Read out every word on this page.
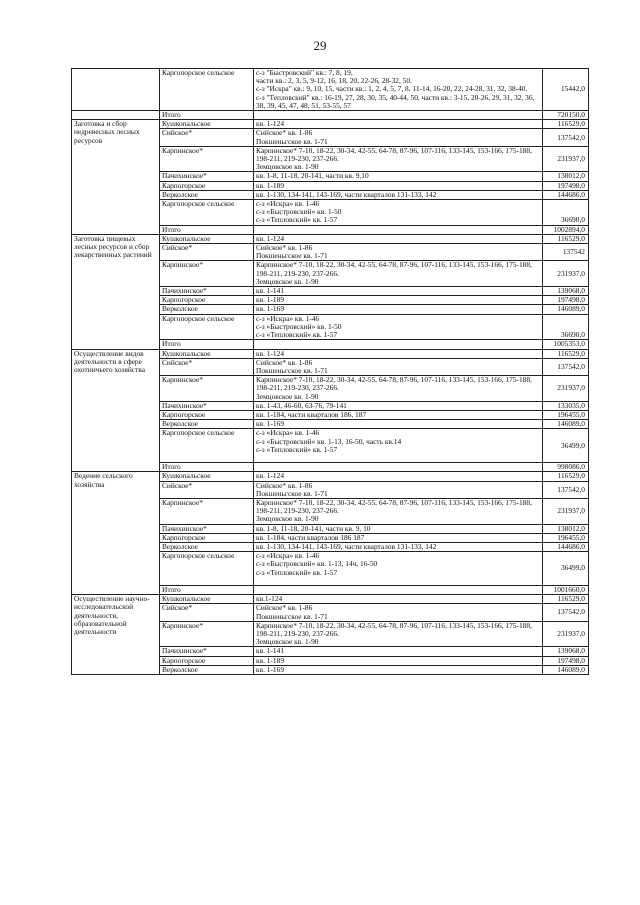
29
	Каргопорское сельское	с-з "Быстровский" кв.: 7, 8, 19,
части кв.: 2, 3, 5, 9-12, 16, 18, 20, 22-26, 28-32, 50.
с-з "Искра" кв.: 9, 10, 15, части кв.: 1, 2, 4, 5, 7, 8, 11-14, 16-20, 22, 24-28, 31, 32, 38-40.
с-з "Тепловский" кв.: 16-19, 27, 28, 30, 35, 40-44, 50, части кв.: 3-15, 20-26, 29, 31, 32, 36, 38, 39, 45, 47, 48, 51, 53-55, 57	15442,0
	Итого		720150,0
Заготовка и сбор недревесных лесных ресурсов	Кушкопальское	кв. 1-124	116529,0
	Сийское*	Сийское* кв. 1-86
Покшеньгское кв. 1-71	137542,0
	Карпинское*	Карпинское* 7-10, 18-22, 30-34, 42-55, 64-78, 87-96, 107-116, 133-145, 153-166, 175-188, 198-211, 219-230, 237-266.
Земцовское кв. 1-90	231937,0
	Пачихинское*	кв. 1-8, 11-18, 20-141, части кв. 9,10	138012,0
	Карпогорское	кв. 1-189	197498,0
	Верколское	кв. 1-130, 134-141, 143-169, части кварталов 131-133, 142	144686,0
	Каргопорское сельское	с-з «Искра» кв. 1-46
с-з «Быстровский» кв. 1-50
с-з «Тепловский» кв. 1-57	36690,0
	Итого		1002894,0
Заготовка пищевых лесных ресурсов и сбор лекарственных растений	Кушкопальское	кв. 1-124	116529,0
	Сийское*	Сийское* кв. 1-86
Покшеньгское кв. 1-71	137542
	Карпинское*	Карпинское* 7-10, 18-22, 30-34, 42-55, 64-78, 87-96, 107-116, 133-145, 153-166, 175-188, 198-211, 219-230, 237-266.
Земцовское кв. 1-90	231937,0
	Пачихинское*	кв. 1-141	139068,0
	Карпогорское	кв. 1-189	197498,0
	Верколское	кв. 1-169	146089,0
	Каргопорское сельское	с-з «Искра» кв. 1-46
с-з «Быстровский» кв. 1-50
с-з «Тепловский» кв. 1-57	36690,0
	Итого		1005353,0
Осуществление видов деятельности в сфере охотничьего хозяйства	Кушкопальское	кв. 1-124	116529,0
	Сийское*	Сийское* кв. 1-86
Покшеньгское кв. 1-71	137542,0
	Карпинское*	Карпинское* 7-10, 18-22, 30-34, 42-55, 64-78, 87-96, 107-116, 133-145, 153-166, 175-188, 198-211, 219-230, 237-266.
Земцовское кв. 1-90	231937,0
	Пачихинское*	кв. 1-43, 46-60, 63-76, 79-141	133035,0
	Карпогорское	кв. 1-184, части кварталов 186, 187	196455,0
	Верколское	кв. 1-169	146089,0
	Каргопорское сельское	с-з «Искра» кв. 1-46
с-з «Быстровский» кв. 1-13, 16-50, часть кв.14
с-з «Тепловский» кв. 1-57	36499,0
	Итого		998086,0
Ведение сельского хозяйства	Кушкопальское	кв. 1-124	116529,0
	Сийское*	Сийское* кв. 1-86
Покшеньгское кв. 1-71	137542,0
	Карпинское*	Карпинское* 7-10, 18-22, 30-34, 42-55, 64-78, 87-96, 107-116, 133-145, 153-166, 175-188, 198-211, 219-230, 237-266.
Земцовское кв. 1-90	231937,0
	Пачихинское*	кв. 1-8, 11-18, 20-141, части кв. 9, 10	138012,0
	Карпогорское	кв. 1-184, части кварталов 186 187	196455,0
	Верколское	кв. 1-130, 134-141, 143-169, части кварталов 131-133, 142	144686,0
	Каргопорское сельское	с-з «Искра» кв. 1-46
с-з «Быстровский» кв. 1-13, 14ч, 16-50
с-з «Тепловский» кв. 1-57	36499,0
	Итого		1001660,0
Осуществление научно-исследовательской деятельности, образовательной деятельности	Кушкопальское	кв.1-124	116529,0
	Сийское*	Сийское* кв. 1-86
Покшеньгское кв. 1-71	137542,0
	Карпинское*	Карпинское* 7-10, 18-22, 30-34, 42-55, 64-78, 87-96, 107-116, 133-145, 153-166, 175-188, 198-211, 219-230, 237-266.
Земцовское кв. 1-90	231937,0
	Пачихинское*	кв. 1-141	139068,0
	Карпогорское	кв. 1-189	197498,0
	Верколское	кв. 1-169	146089,0
